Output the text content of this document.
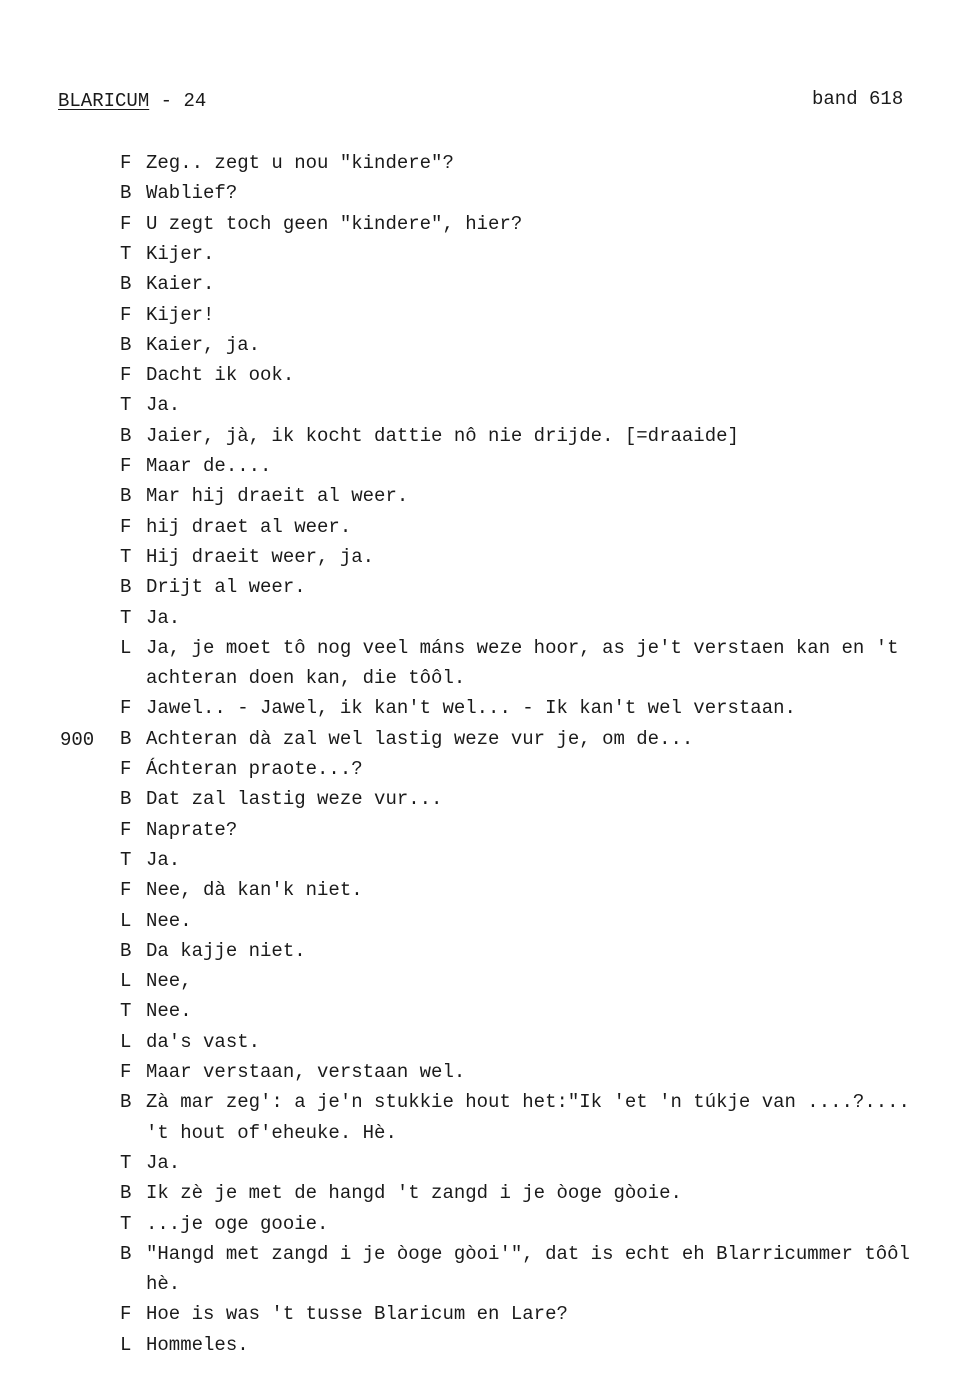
BLARICUM - 24	band 618
900
F Zeg.. zegt u nou "kindere"?
B Wablief?
F U zegt toch geen "kindere", hier?
T Kijer.
B Kaier.
F Kijer!
B Kaier, ja.
F Dacht ik ook.
T Ja.
B Jaier, jà, ik kocht dattie nô nie drijde. [=draaide]
F Maar de....
B Mar hij draeit al weer.
F hij draet al weer.
T Hij draeit weer, ja.
B Drijt al weer.
T Ja.
L Ja, je moet tô nog veel máns weze hoor, as je't verstaen kan en 't
achteran doen kan, die tôôl.
F Jawel.. - Jawel, ik kan't wel... - Ik kan't wel verstaan.
B Achteran dà zal wel lastig weze vur je, om de...
F Áchteran praote...?
B Dat zal lastig weze vur...
F Naprate?
T Ja.
F Nee, dà kan'k niet.
L Nee.
B Da kajje niet.
L Nee,
T Nee.
L da's vast.
F Maar verstaan, verstaan wel.
B Zà mar zeg': a je'n stukkie hout het:"Ik 'et 'n túkje van ....?....
't hout of'eheuke. Hè.
T Ja.
B Ik zè je met de hangd 't zangd i je òoge gòoie.
T ...je oge gooie.
B "Hangd met zangd i je òoge gòoi'", dat is echt eh Blarricummer tôôl
hè.
F Hoe is was 't tusse Blaricum en Lare?
L Hommeles.
